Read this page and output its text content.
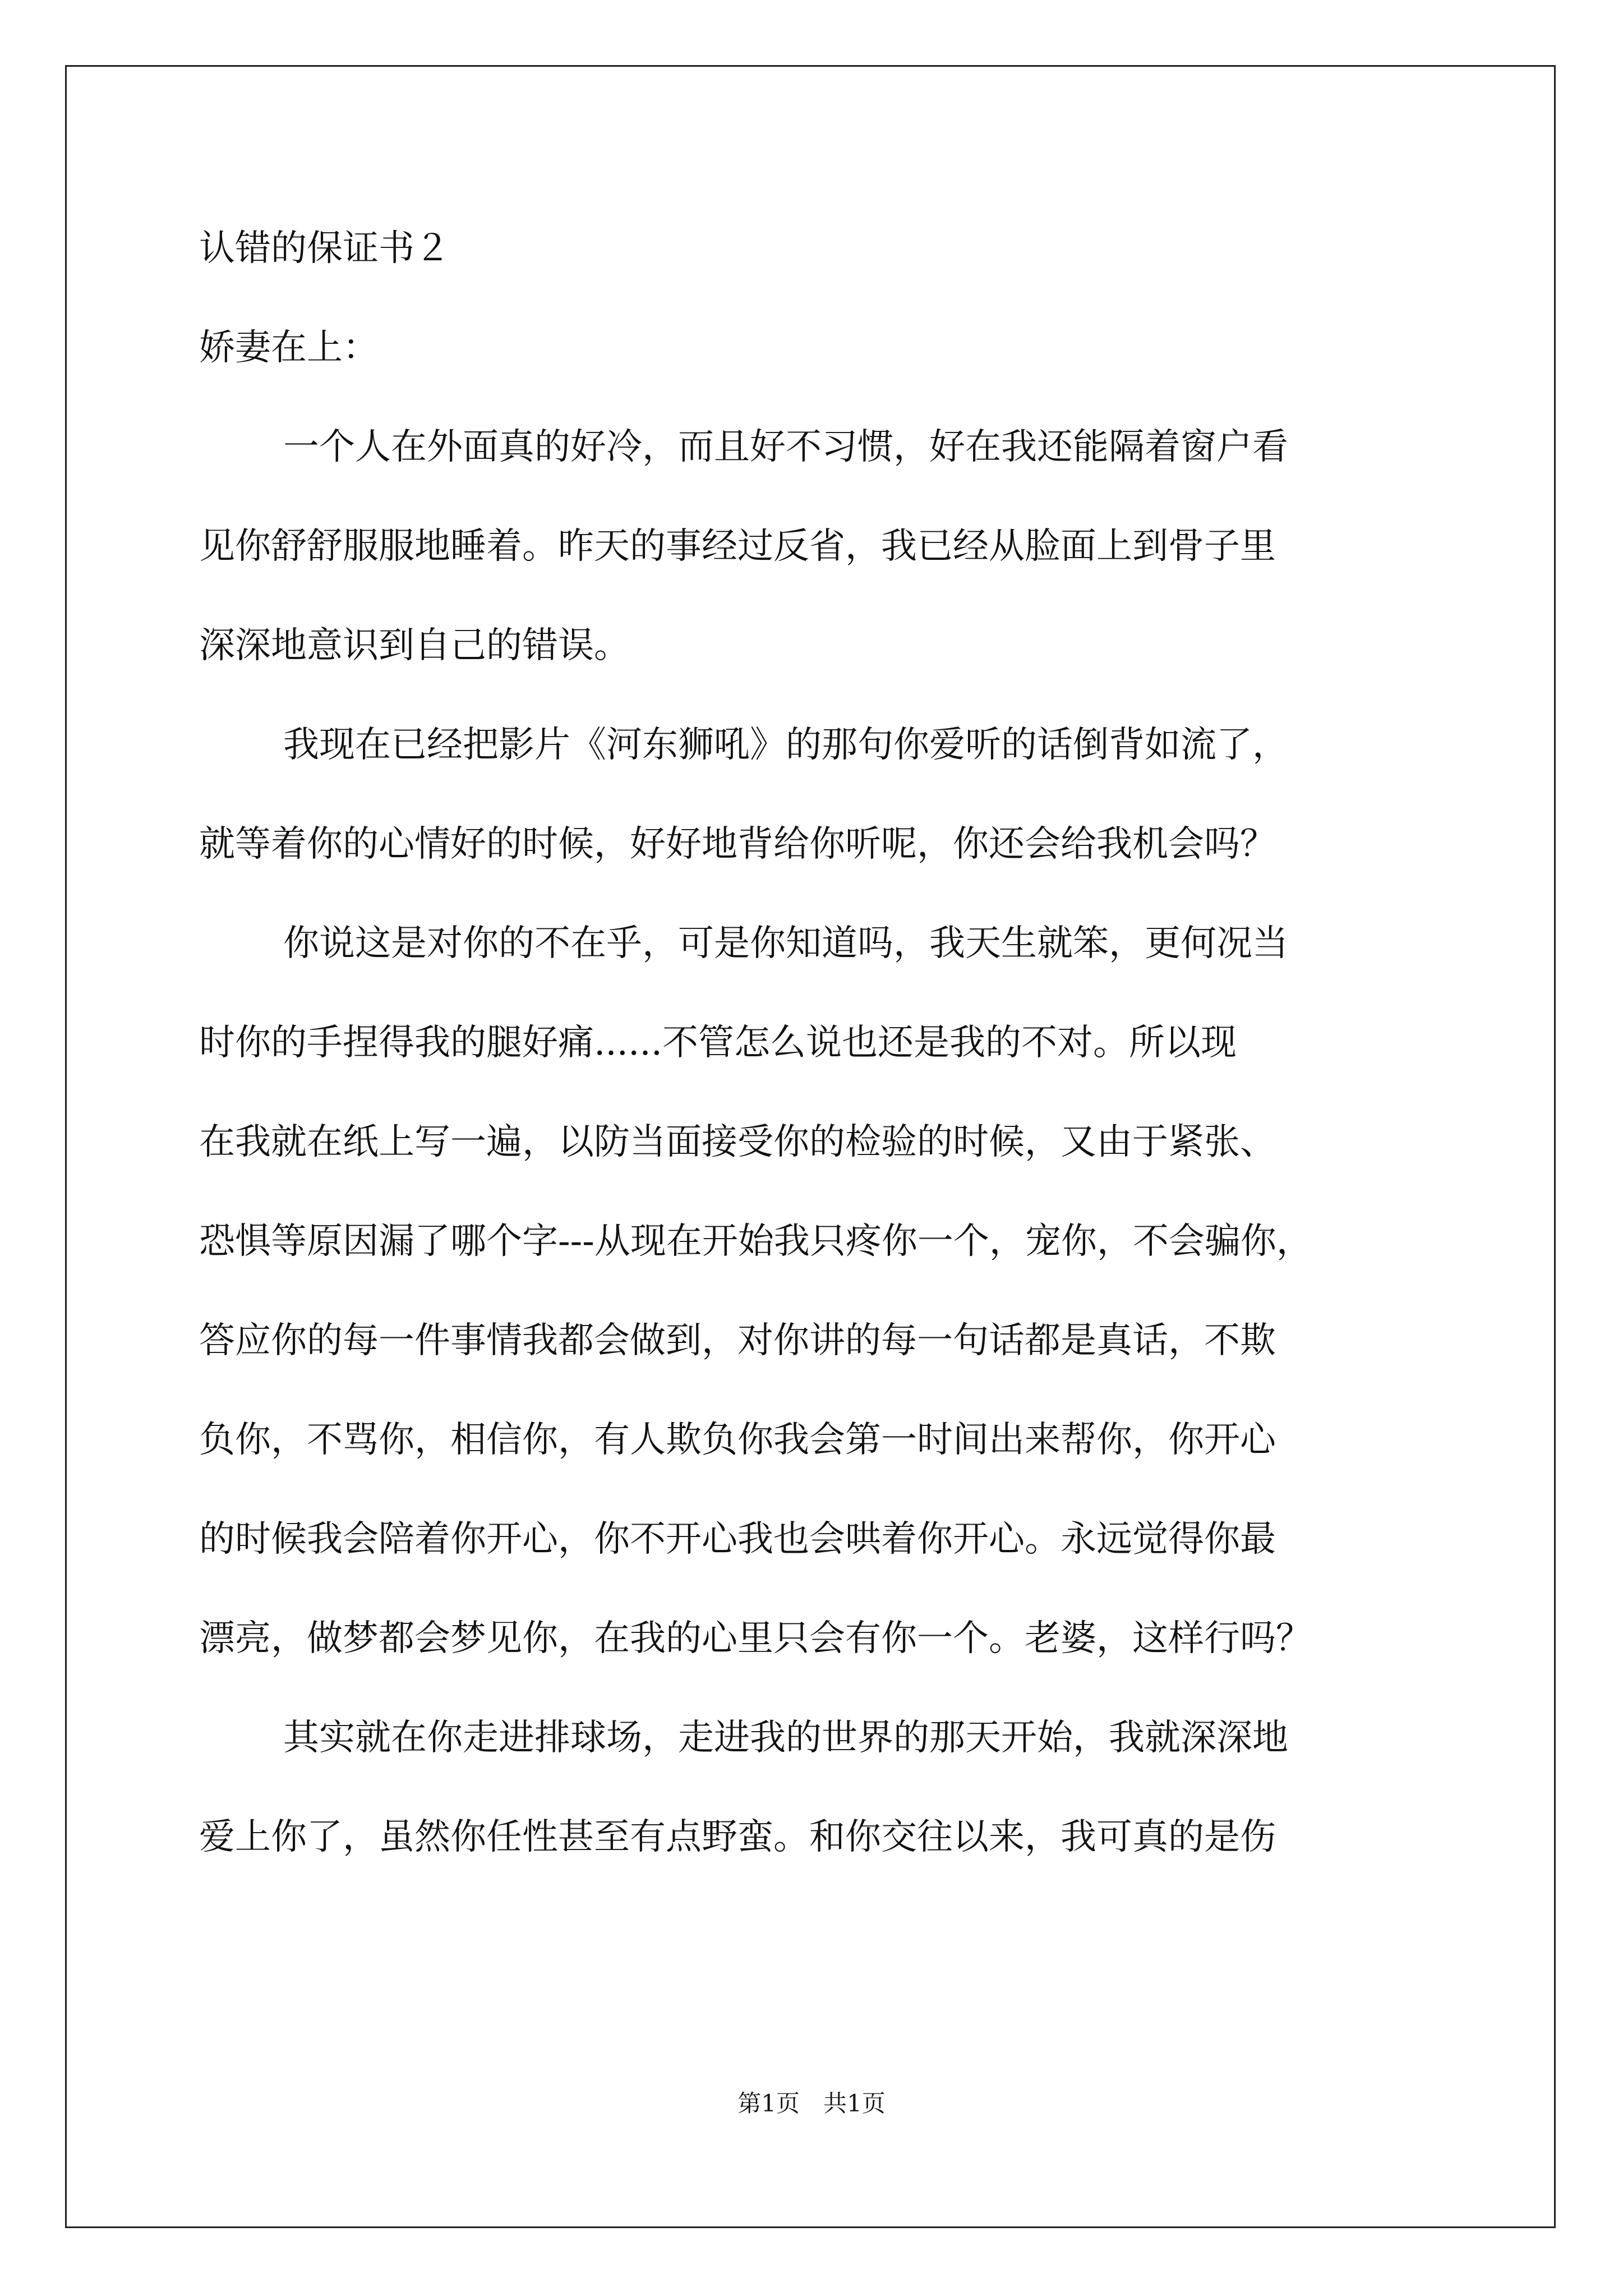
认错的保证书２

娇妻在上：

一个人在外面真的好冷，而且好不习惯，好在我还能隔着窗户看

见你舒舒服服地睡着。昨天的事经过反省，我已经从脸面上到骨子里

深深地意识到自己的错误。

我现在已经把影片《河东狮吼》的那句你爱听的话倒背如流了，

就等着你的心情好的时候，好好地背给你听呢，你还会给我机会吗？

你说这是对你的不在乎，可是你知道吗，我天生就笨，更何况当

时你的手捏得我的腿好痛......不管怎么说也还是我的不对。所以现

在我就在纸上写一遍，以防当面接受你的检验的时候，又由于紧张、

恐惧等原因漏了哪个字---从现在开始我只疼你一个，宠你，不会骗你，

答应你的每一件事情我都会做到，对你讲的每一句话都是真话，不欺

负你，不骂你，相信你，有人欺负你我会第一时间出来帮你，你开心

的时候我会陪着你开心，你不开心我也会哄着你开心。永远觉得你最

漂亮，做梦都会梦见你，在我的心里只会有你一个。老婆，这样行吗？

其实就在你走进排球场，走进我的世界的那天开始，我就深深地

爱上你了，虽然你任性甚至有点野蛮。和你交往以来，我可真的是伤

第1页　共1页
